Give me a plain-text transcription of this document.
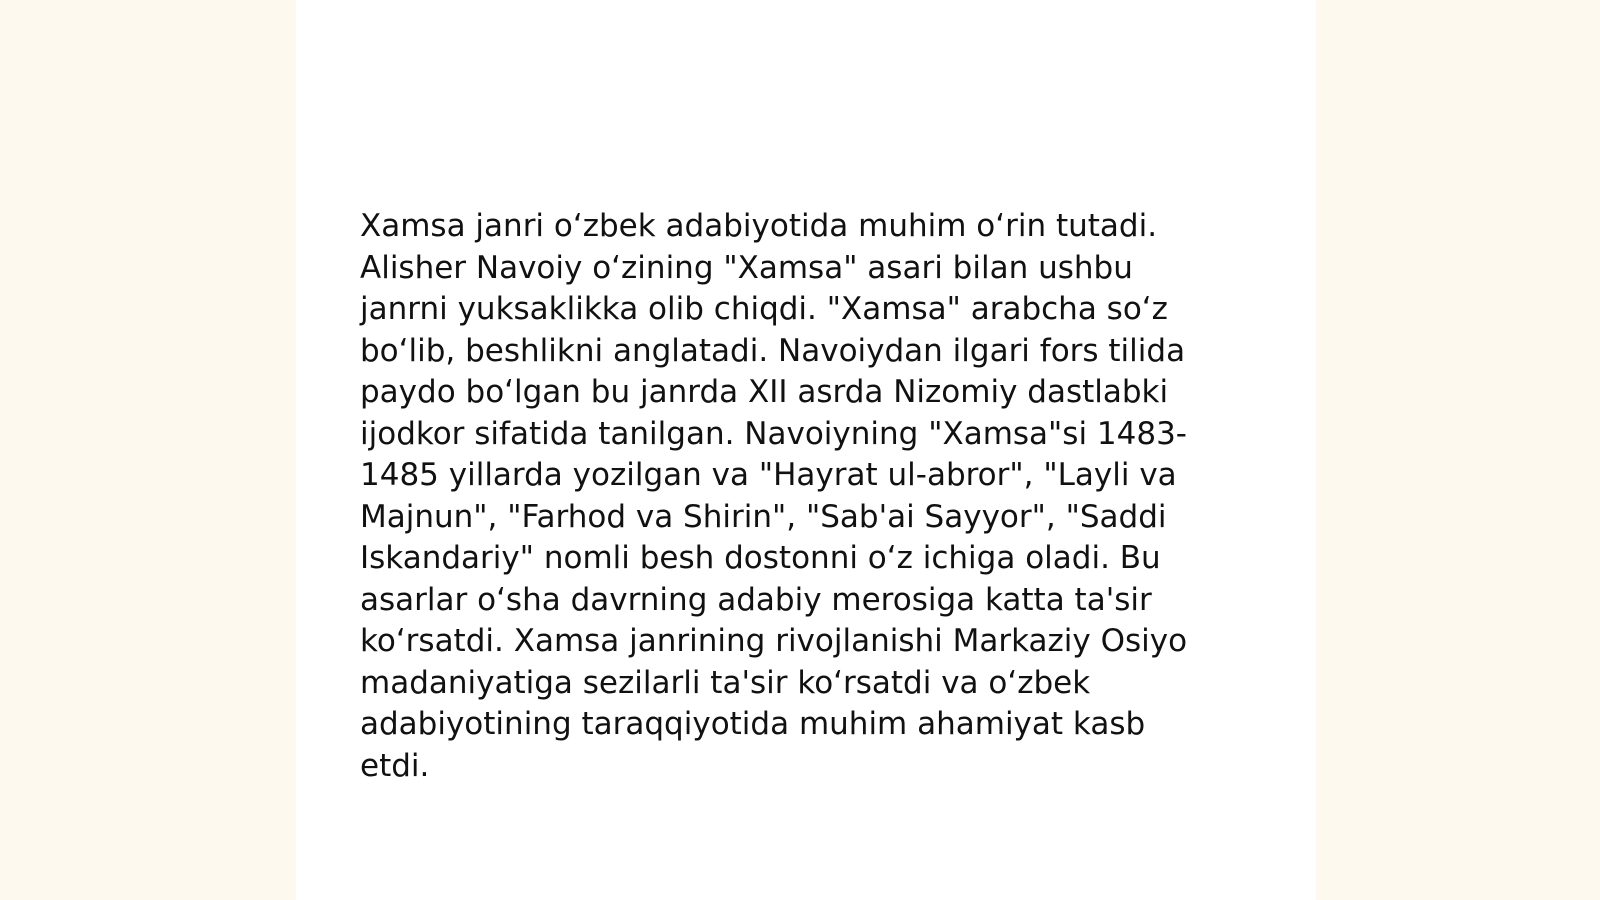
Xamsa janri o‘zbek adabiyotida muhim o‘rin tutadi.
Alisher Navoiy o‘zining "Xamsa" asari bilan ushbu
janrni yuksaklikka olib chiqdi. "Xamsa" arabcha so‘z
bo‘lib, beshlikni anglatadi. Navoiydan ilgari fors tilida
paydo bo‘lgan bu janrda XII asrda Nizomiy dastlabki
ijodkor sifatida tanilgan. Navoiyning "Xamsa"si 1483-
1485 yillarda yozilgan va "Hayrat ul-abror", "Layli va
Majnun", "Farhod va Shirin", "Sab'ai Sayyor", "Saddi
Iskandariy" nomli besh dostonni o‘z ichiga oladi. Bu
asarlar o‘sha davrning adabiy merosiga katta ta'sir
ko‘rsatdi. Xamsa janrining rivojlanishi Markaziy Osiyo
madaniyatiga sezilarli ta'sir ko‘rsatdi va o‘zbek
adabiyotining taraqqiyotida muhim ahamiyat kasb
etdi.
